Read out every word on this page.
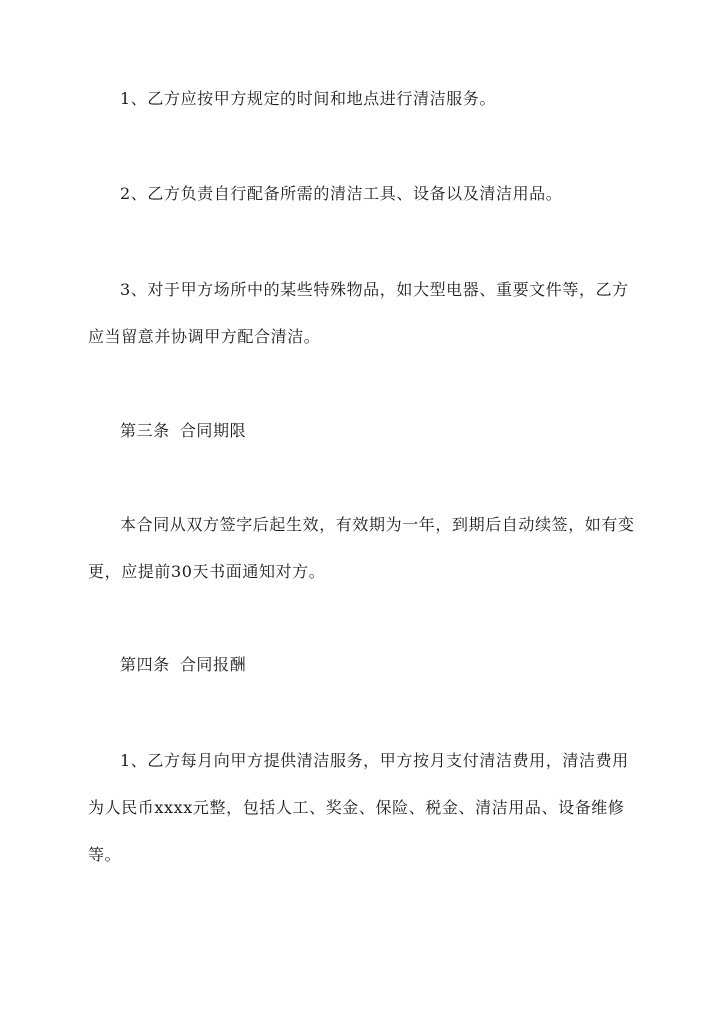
1、乙方应按甲方规定的时间和地点进行清洁服务。

2、乙方负责自行配备所需的清洁工具、设备以及清洁用品。

3、对于甲方场所中的某些特殊物品，如大型电器、重要文件等，乙方应当留意并协调甲方配合清洁。

第三条 合同期限

本合同从双方签字后起生效，有效期为一年，到期后自动续签，如有变更，应提前30天书面通知对方。

第四条 合同报酬

1、乙方每月向甲方提供清洁服务，甲方按月支付清洁费用，清洁费用为人民币xxxx元整，包括人工、奖金、保险、税金、清洁用品、设备维修等。
